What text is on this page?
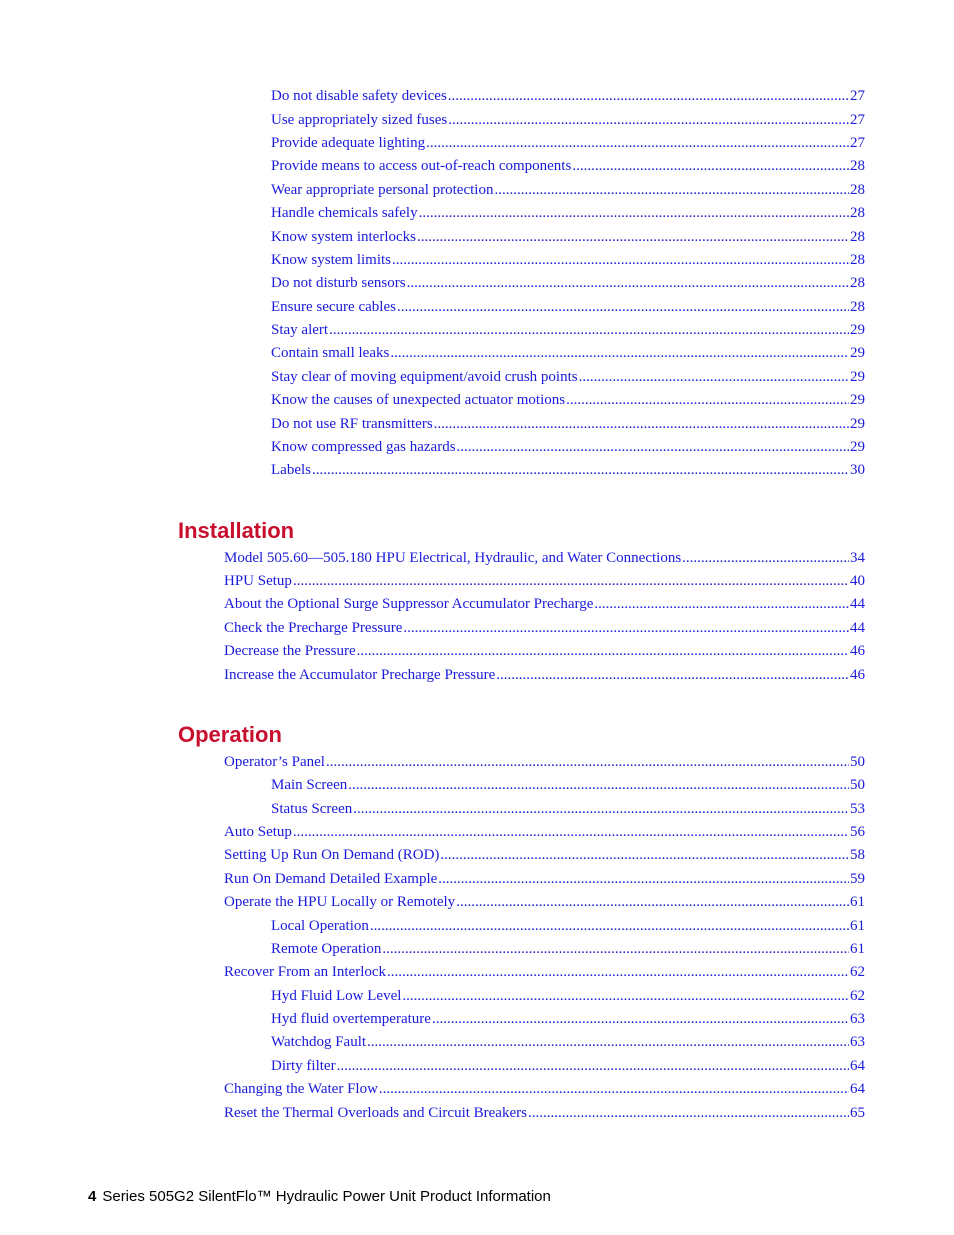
Do not disable safety devices .....	27
Use appropriately sized fuses .....	27
Provide adequate lighting .....	27
Provide means to access out-of-reach components .....	28
Wear appropriate personal protection .....	28
Handle chemicals safely .....	28
Know system interlocks .....	28
Know system limits .....	28
Do not disturb sensors .....	28
Ensure secure cables .....	28
Stay alert .....	29
Contain small leaks .....	29
Stay clear of moving equipment/avoid crush points .....	29
Know the causes of unexpected actuator motions .....	29
Do not use RF transmitters .....	29
Know compressed gas hazards .....	29
Labels .....	30
Installation
Model 505.60—505.180 HPU Electrical, Hydraulic, and Water Connections .....	34
HPU Setup .....	40
About the Optional Surge Suppressor Accumulator Precharge .....	44
Check the Precharge Pressure .....	44
Decrease the Pressure .....	46
Increase the Accumulator Precharge Pressure .....	46
Operation
Operator’s Panel .....	50
Main Screen .....	50
Status Screen .....	53
Auto Setup .....	56
Setting Up Run On Demand (ROD) .....	58
Run On Demand Detailed Example .....	59
Operate the HPU Locally or Remotely .....	61
Local Operation .....	61
Remote Operation .....	61
Recover From an Interlock .....	62
Hyd Fluid Low Level .....	62
Hyd fluid overtemperature .....	63
Watchdog Fault .....	63
Dirty filter .....	64
Changing the Water Flow .....	64
Reset the Thermal Overloads and Circuit Breakers .....	65
4 Series 505G2 SilentFlo™ Hydraulic Power Unit Product Information
